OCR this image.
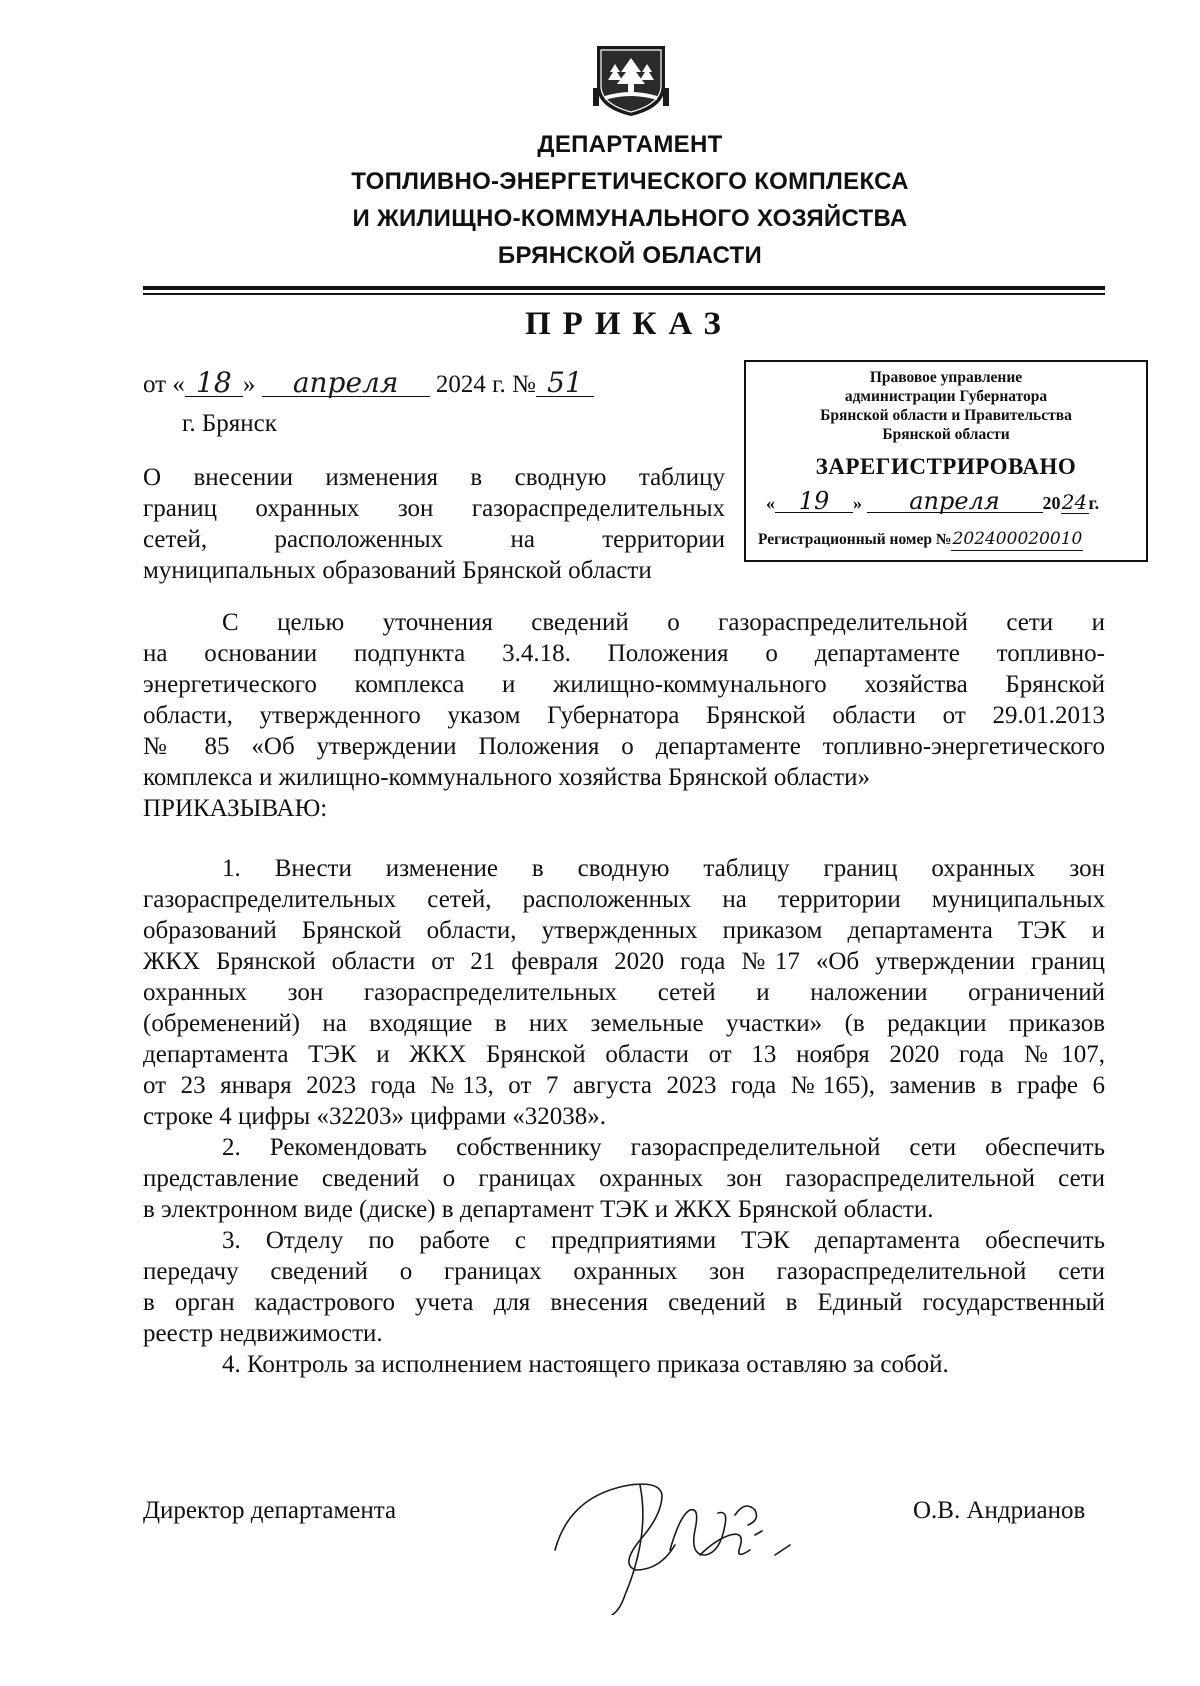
ДЕПАРТАМЕНТ
ТОПЛИВНО-ЭНЕРГЕТИЧЕСКОГО КОМПЛЕКСА
И ЖИЛИЩНО-КОММУНАЛЬНОГО ХОЗЯЙСТВА
БРЯНСКОЙ ОБЛАСТИ
ПРИКАЗ
от « 18 » апреля 2024 г. № 51
г. Брянск
О внесении изменения в сводную таблицу
границ охранных зон газораспределительных
сетей, расположенных на территории
муниципальных образований Брянской области
Правовое управление
администрации Губернатора
Брянской области и Правительства
Брянской области
ЗАРЕГИСТРИРОВАНО
« 19 » апреля 2024г.
Регистрационный номер №202400020010
С целью уточнения сведений о газораспределительной сети и
на основании подпункта 3.4.18. Положения о департаменте топливно-
энергетического комплекса и жилищно-коммунального хозяйства Брянской
области, утвержденного указом Губернатора Брянской области от 29.01.2013
№ 85 «Об утверждении Положения о департаменте топливно-энергетического
комплекса и жилищно-коммунального хозяйства Брянской области»
ПРИКАЗЫВАЮ:
1. Внести изменение в сводную таблицу границ охранных зон
газораспределительных сетей, расположенных на территории муниципальных
образований Брянской области, утвержденных приказом департамента ТЭК и
ЖКХ Брянской области от 21 февраля 2020 года №17 «Об утверждении границ
охранных зон газораспределительных сетей и наложении ограничений
(обременений) на входящие в них земельные участки» (в редакции приказов
департамента ТЭК и ЖКХ Брянской области от 13 ноября 2020 года №107,
от 23 января 2023 года №13, от 7 августа 2023 года №165), заменив в графе 6
строке 4 цифры «32203» цифрами «32038».
2. Рекомендовать собственнику газораспределительной сети обеспечить
представление сведений о границах охранных зон газораспределительной сети
в электронном виде (диске) в департамент ТЭК и ЖКХ Брянской области.
3. Отделу по работе с предприятиями ТЭК департамента обеспечить
передачу сведений о границах охранных зон газораспределительной сети
в орган кадастрового учета для внесения сведений в Единый государственный
реестр недвижимости.
4. Контроль за исполнением настоящего приказа оставляю за собой.
Директор департамента	О.В. Андрианов
